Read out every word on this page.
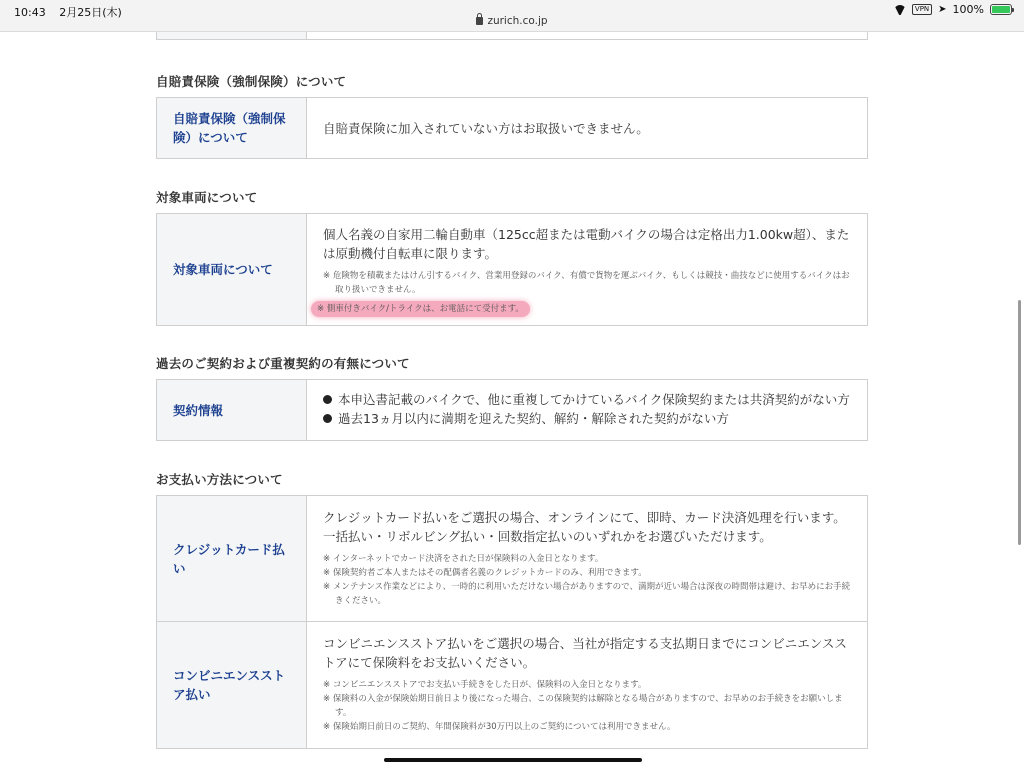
10:43 2月25日(木)
zurich.co.jp
VPN ➤ 100%
自賠責保険（強制保険）について
自賠責保険（強制保険）について
自賠責保険に加入されていない方はお取扱いできません。
対象車両について
対象車両について
個人名義の自家用二輪自動車（125cc超または電動バイクの場合は定格出力1.00kw超）、または原動機付自転車に限ります。
※ 危険物を積載またはけん引するバイク、営業用登録のバイク、有償で貨物を運ぶバイク、もしくは競技・曲技などに使用するバイクはお取り扱いできません。
※ 側車付きバイク/トライクは、お電話にて受付ます。
過去のご契約および重複契約の有無について
契約情報
本申込書記載のバイクで、他に重複してかけているバイク保険契約または共済契約がない方
過去13ヵ月以内に満期を迎えた契約、解約・解除された契約がない方
お支払い方法について
クレジットカード払い
クレジットカード払いをご選択の場合、オンラインにて、即時、カード決済処理を行います。一括払い・リボルビング払い・回数指定払いのいずれかをお選びいただけます。
※ インターネットでカード決済をされた日が保険料の入金日となります。
※ 保険契約者ご本人またはその配偶者名義のクレジットカードのみ、利用できます。
※ メンテナンス作業などにより、一時的に利用いただけない場合がありますので、満期が近い場合は深夜の時間帯は避け、お早めにお手続きください。
コンビニエンスストア払い
コンビニエンスストア払いをご選択の場合、当社が指定する支払期日までにコンビニエンスストアにて保険料をお支払いください。
※ コンビニエンスストアでお支払い手続きをした日が、保険料の入金日となります。
※ 保険料の入金が保険始期日前日より後になった場合、この保険契約は解除となる場合がありますので、お早めのお手続きをお願いします。
※ 保険始期日前日のご契約、年間保険料が30万円以上のご契約については利用できません。
